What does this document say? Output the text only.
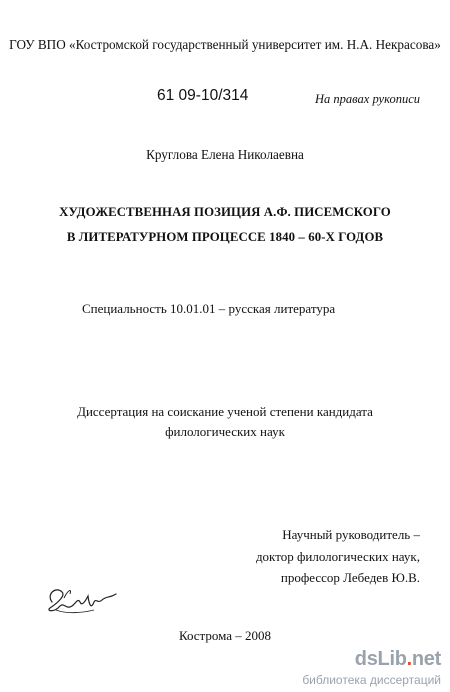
ГОУ ВПО «Костромской государственный университет им. Н.А. Некрасова»
61 09-10/314	На правах рукописи
Круглова Елена Николаевна
ХУДОЖЕСТВЕННАЯ ПОЗИЦИЯ А.Ф. ПИСЕМСКОГО
В ЛИТЕРАТУРНОМ ПРОЦЕССЕ 1840 – 60-Х ГОДОВ
Специальность 10.01.01 – русская литература
Диссертация на соискание ученой степени кандидата
филологических наук
Научный руководитель –
доктор филологических наук,
профессор Лебедев Ю.В.
Кострома – 2008
dsLib.net
библиотека диссертаций
